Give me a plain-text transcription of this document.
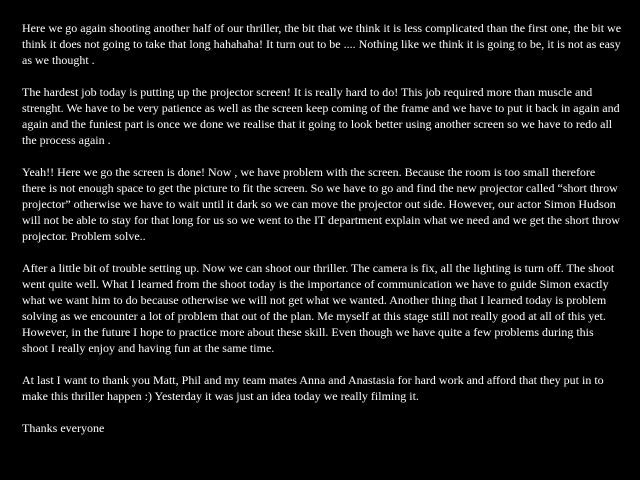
Here we go again shooting another half of our thriller, the bit that we think it is less complicated than the first one, the bit we think it does not going to take that long hahahaha! It turn out to be .... Nothing like we think it is going to be, it is not as easy as we thought .

The hardest job today is putting up the projector screen! It is really hard to do! This job required more than muscle and strenght. We have to be very patience as well as the screen keep coming of the frame and we have to put it back in again and again and the funiest part is once we done we realise that it going to look better using another screen so we have to redo all the process again .

Yeah!! Here we go the screen is done! Now , we have problem with the screen. Because the room is too small therefore there is not enough space to get the picture to fit the screen. So we have to go and find the new projector called “short throw projector” otherwise we have to wait until it dark so we can move the projector out side. However, our actor Simon Hudson will not be able to stay for that long for us so we went to the IT department explain what we need and we get the short throw projector. Problem solve..

After a little bit of trouble setting up. Now we can shoot our thriller. The camera is fix, all the lighting is turn off. The shoot went quite well. What I learned from the shoot today is the importance of communication we have to guide Simon exactly what we want him to do because otherwise we will not get what we wanted. Another thing that I learned today is problem solving as we encounter a lot of problem that out of the plan. Me myself at this stage still not really good at all of this yet. However, in the future I hope to practice more about these skill. Even though we have quite a few problems during this shoot I really enjoy and having fun at the same time.

At last I want to thank you Matt, Phil and my team mates Anna and Anastasia for hard work and afford that they put in to make this thriller happen :) Yesterday it was just an idea today we really filming it.

Thanks everyone
